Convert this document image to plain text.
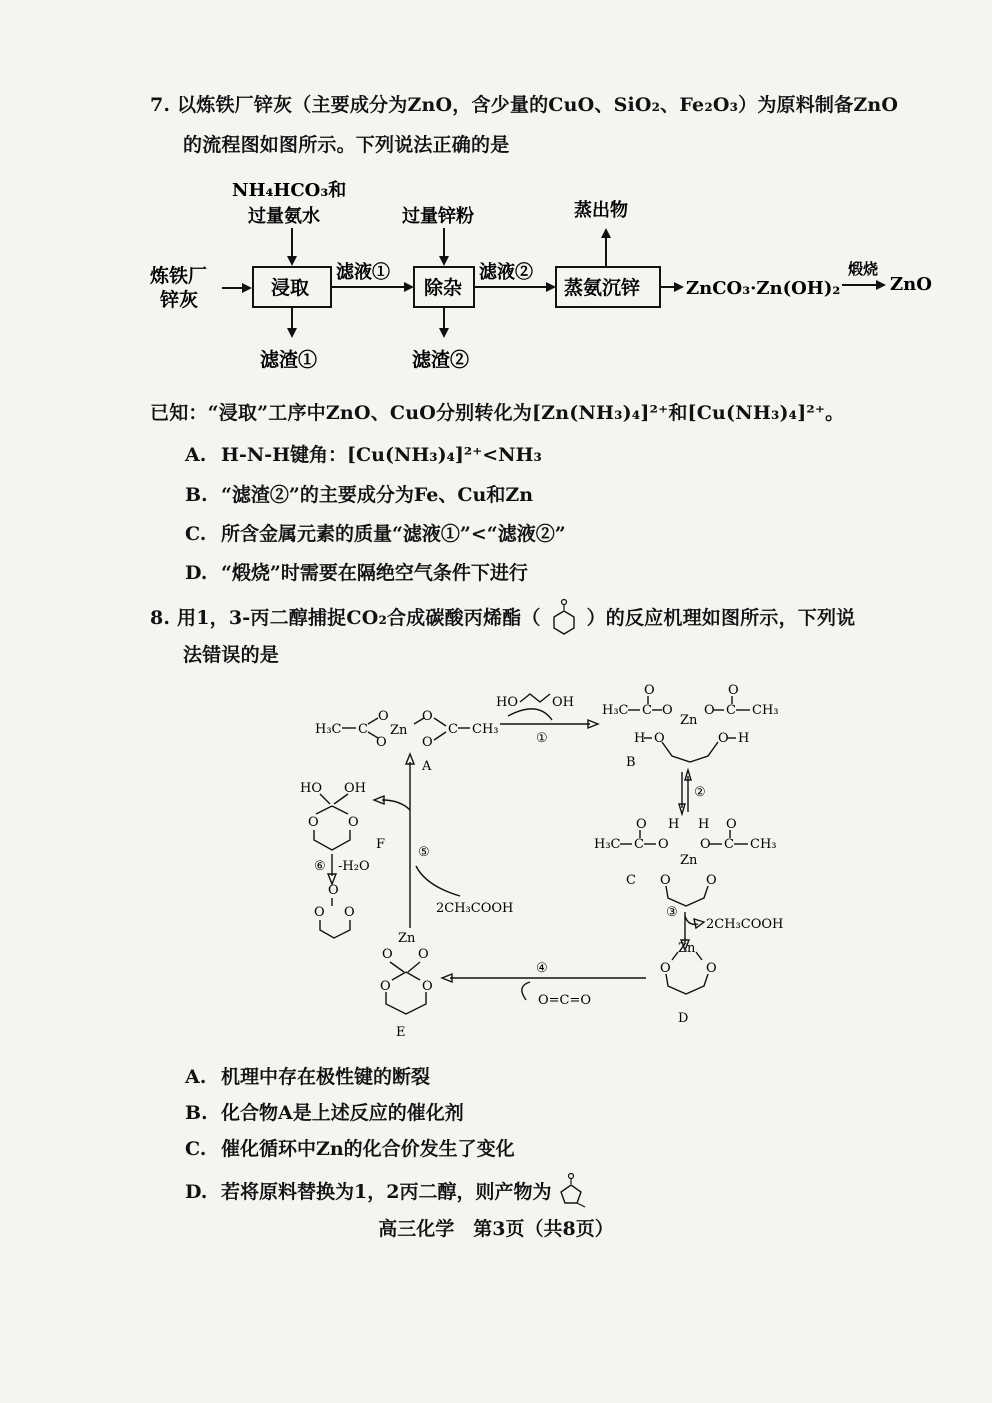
7. 以炼铁厂锌灰（主要成分为ZnO，含少量的CuO、SiO₂、Fe₂O₃）为原料制备ZnO
的流程图如图所示。下列说法正确的是
炼铁厂
锌灰
NH₄HCO₃和
过量氨水
浸取
滤渣①
滤液①
过量锌粉
除杂
滤渣②
滤液②
蒸氨沉锌
蒸出物
ZnCO₃·Zn(OH)₂
煅烧
ZnO
已知：“浸取”工序中ZnO、CuO分别转化为[Zn(NH₃)₄]²⁺和[Cu(NH₃)₄]²⁺。
A. H-N-H键角：[Cu(NH₃)₄]²⁺<NH₃
B. “滤渣②”的主要成分为Fe、Cu和Zn
C. 所含金属元素的质量“滤液①”<“滤液②”
D. “煅烧”时需要在隔绝空气条件下进行
8. 用1，3-丙二醇捕捉CO₂合成碳酸丙烯酯（ ）的反应机理如图所示，下列说
法错误的是
H₃C C
O
O
Zn
O
O
C CH₃
A
HO	OH
①
H₃C C
O
O
Zn
O C
O
CH₃
H O	O H
B
②
H₃C C
O
O
H
Zn
H
O C
O
CH₃
O	O
C
③
2CH₃COOH
Zn
O	O
D
④
O=C=O
Zn
O O
O O
E
⑤
2CH₃COOH
F
HO OH
O O
⑥ -H₂O
O
O O
A. 机理中存在极性键的断裂
B. 化合物A是上述反应的催化剂
C. 催化循环中Zn的化合价发生了变化
D. 若将原料替换为1，2丙二醇，则产物为
高三化学　第3页（共8页）
